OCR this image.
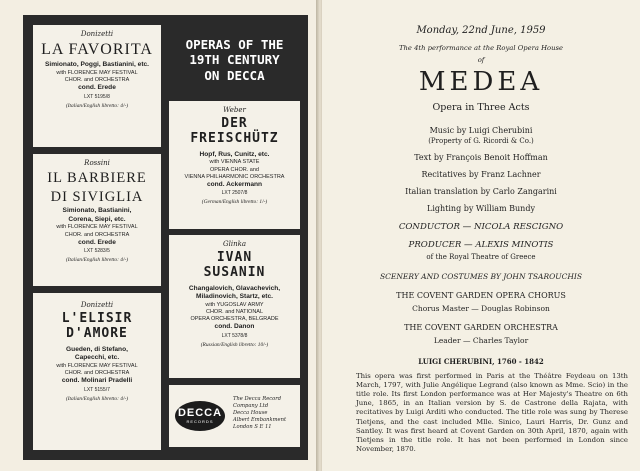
Donizetti
LA FAVORITA
Simionato, Poggi, Bastianini, etc.
with FLORENCE MAY FESTIVAL
CHOR. and ORCHESTRA
cond. Erede
LXT 5195/8
(Italian/English libretto: 4/-)
Rossini
IL BARBIERE
DI SIVIGLIA
Simionato, Bastianini,
Corena, Siepi, etc.
with FLORENCE MAY FESTIVAL
CHOR. and ORCHESTRA
cond. Erede
LXT 5283/5
(Italian/English libretto: 4/-)
Donizetti
L'ELISIR
D'AMORE
Gueden, di Stefano,
Capecchi, etc.
with FLORENCE MAY FESTIVAL
CHOR. and ORCHESTRA
cond. Molinari Pradelli
LXT 5155/7
(Italian/English libretto: 4/-)
OPERAS OF THE
19TH CENTURY
ON DECCA
Weber
DER
FREISCHÜTZ
Hopf, Rus, Cunitz, etc.
with VIENNA STATE
OPERA CHOR. and
VIENNA PHILHARMONIC ORCHESTRA
cond. Ackermann
LXT 2507/8
(German/English libretto: 1/-)
Glinka
IVAN
SUSANIN
Changalovich, Glavachevich,
Miladinovich, Startz, etc.
with YUGOSLAV ARMY
CHOR. and NATIONAL
OPERA ORCHESTRA, BELGRADE
cond. Danon
LXT 5378/8
(Russian/English libretto: 10/-)
DECCA
RECORDS
The Decca Record
Company Ltd
Decca House
Albert Embankment
London S E 11
Monday, 22nd June, 1959
The 4th performance at the Royal Opera House
of
MEDEA
Opera in Three Acts
Music by Luigi Cherubini
(Property of G. Ricordi & Co.)
Text by François Benoit Hoffman
Recitatives by Franz Lachner
Italian translation by Carlo Zangarini
Lighting by William Bundy
CONDUCTOR — NICOLA RESCIGNO
PRODUCER — ALEXIS MINOTIS
of the Royal Theatre of Greece
SCENERY AND COSTUMES BY JOHN TSAROUCHIS
THE COVENT GARDEN OPERA CHORUS
Chorus Master — Douglas Robinson
THE COVENT GARDEN ORCHESTRA
Leader — Charles Taylor
LUIGI CHERUBINI, 1760 - 1842
This opera was first performed in Paris at the Théâtre Feydeau on 13th March, 1797, with Julie Angélique Legrand (also known as Mme. Scio) in the title role. Its first London performance was at Her Majesty's Theatre on 6th June, 1865, in an Italian version by S. de Castrone della Rajata, with recitatives by Luigi Arditi who conducted. The title role was sung by Therese Tietjens, and the cast included Mlle. Sinico, Lauri Harris, Dr. Gunz and Santley. It was first heard at Covent Garden on 30th April, 1870, again with Tietjens in the title role. It has not been performed in London since November, 1870.
